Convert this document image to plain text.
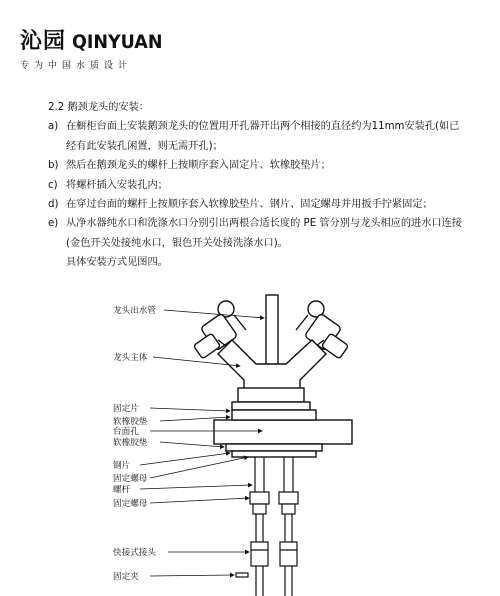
沁园 QINYUAN
专为中国水质设计

2.2 鹅颈龙头的安装：

a) 在橱柜台面上安装鹅颈龙头的位置用开孔器开出两个相接的直径约为11mm安装孔(如已经有此安装孔闲置，则无需开孔)；
b) 然后在鹅颈龙头的螺杆上按顺序套入固定片、软橡胶垫片；
c) 将螺杆插入安装孔内；
d) 在穿过台面的螺杆上按顺序套入软橡胶垫片、钢片、固定螺母并用扳手拧紧固定；
e) 从净水器纯水口和洗涤水口分别引出两根合适长度的 PE 管分别与龙头相应的进水口连接(金色开关处接纯水口，银色开关处接洗涤水口)。
具体安装方式见图四。
龙头出水管
龙头主体
固定片
软橡胶垫
台面孔
软橡胶垫
钢片
固定螺母
螺杆
固定螺母
快接式接头
固定夹
